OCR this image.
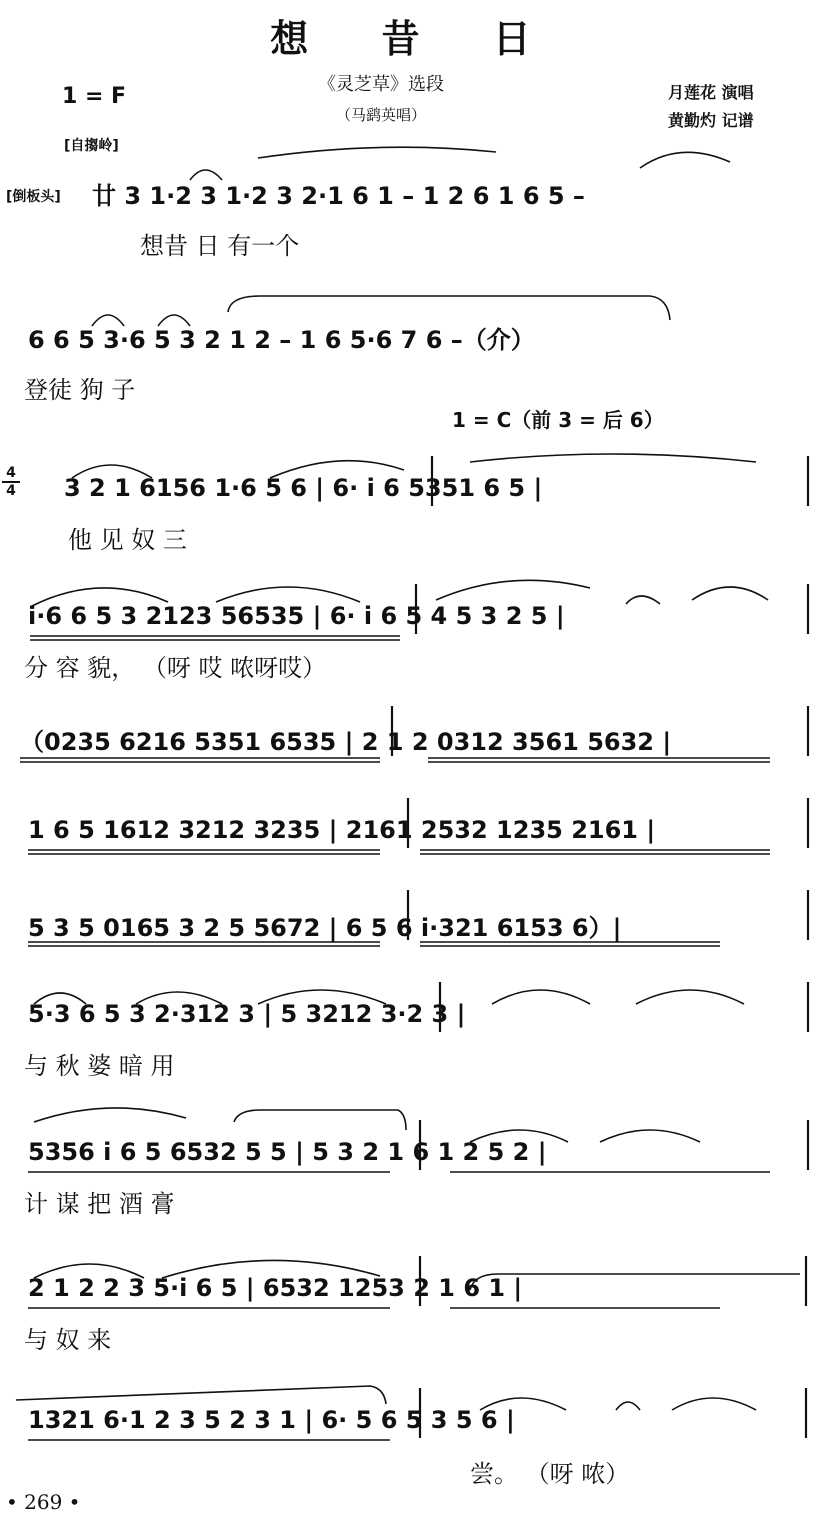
想 昔 日
《灵芝草》选段
（马鹞英唱）
1 = F	月莲花 演唱
黄勤灼 记谱
[自搊岭]
[倒板头]
1 = C（前 3 = 后 6）
4
4
廿 3 1·2 3 1·2 3 2·1 6 1 – 1 2 6 1 6 5 –
想昔 日 有一个
6 6 5 3·6 5 3 2 1 2 – 1 6 5·6 7 6 –（介）
登徒 狗 子
3 2 1 6156 1·6 5 6 | 6· i 6 5351 6 5 |
他 见 奴 三
i·6 6 5 3 2123 56535 | 6· i 6 5 4 5 3 2 5 |
分 容 貌， （呀 哎 哝呀哎）
（0235 6216 5351 6535 | 2 1 2 0312 3561 5632 |
1 6 5 1612 3212 3235 | 2161 2532 1235 2161 |
5 3 5 0165 3 2 5 5672 | 6 5 6 i·321 6153 6）|
5·3 6 5 3 2·312 3 | 5 3212 3·2 3 |
与 秋 婆 暗 用
5356 i 6 5 6532 5 5 | 5 3 2 1 6 1 2 5 2 |
计 谋 把 酒 膏
2 1 2 2 3 5·i 6 5 | 6532 1253 2 1 6 1 |
与 奴 来
1321 6·1 2 3 5 2 3 1 | 6· 5 6 5 3 5 6 |
尝。 （呀 哝）
• 269 •
